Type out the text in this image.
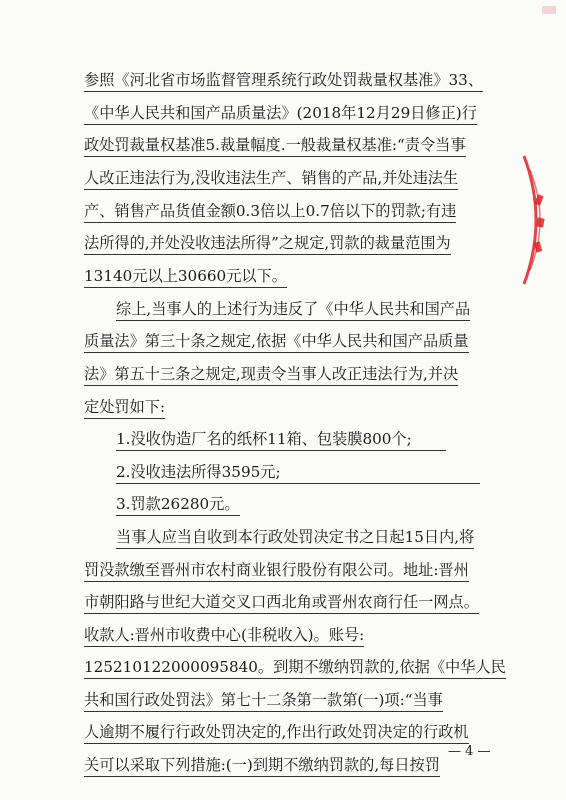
参照《河北省市场监督管理系统行政处罚裁量权基准》33、
《中华人民共和国产品质量法》(2018年12月29日修正)行
政处罚裁量权基准5.裁量幅度.一般裁量权基准:“责令当事
人改正违法行为,没收违法生产、销售的产品,并处违法生
产、销售产品货值金额0.3倍以上0.7倍以下的罚款;有违
法所得的,并处没收违法所得”之规定,罚款的裁量范围为
13140元以上30660元以下。
综上,当事人的上述行为违反了《中华人民共和国产品
质量法》第三十条之规定,依据《中华人民共和国产品质量
法》第五十三条之规定,现责令当事人改正违法行为,并决
定处罚如下:
1.没收伪造厂名的纸杯11箱、包装膜800个;
2.没收违法所得3595元;
3.罚款26280元。
当事人应当自收到本行政处罚决定书之日起15日内,将
罚没款缴至晋州市农村商业银行股份有限公司。地址:晋州
市朝阳路与世纪大道交叉口西北角或晋州农商行任一网点。
收款人:晋州市收费中心(非税收入)。账号:
125210122000095840。到期不缴纳罚款的,依据《中华人民
共和国行政处罚法》第七十二条第一款第(一)项:“当事
人逾期不履行行政处罚决定的,作出行政处罚决定的行政机
关可以采取下列措施:(一)到期不缴纳罚款的,每日按罚
— 4 —
